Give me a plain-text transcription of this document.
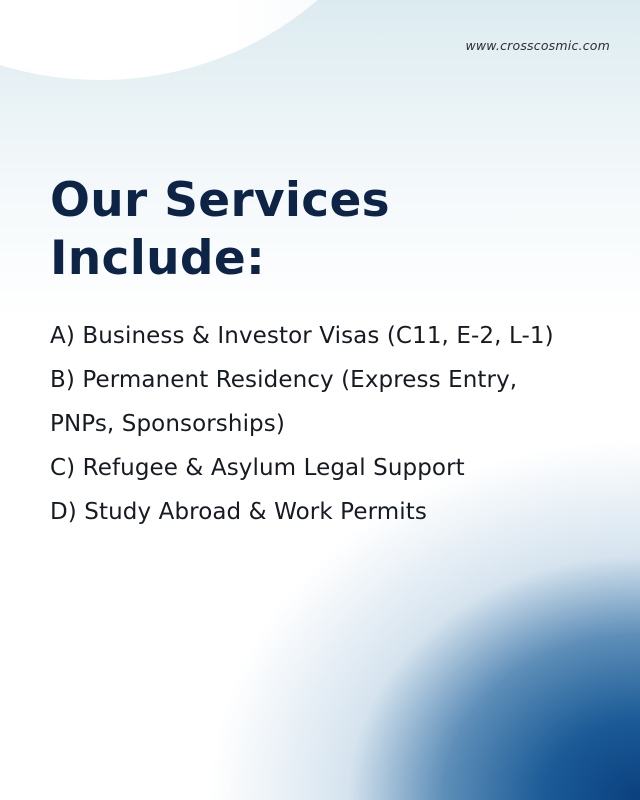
www.crosscosmic.com
Our Services
Include:
A) Business & Investor Visas (C11, E-2, L-1)
B) Permanent Residency (Express Entry,
PNPs, Sponsorships)
C) Refugee & Asylum Legal Support
D) Study Abroad & Work Permits
